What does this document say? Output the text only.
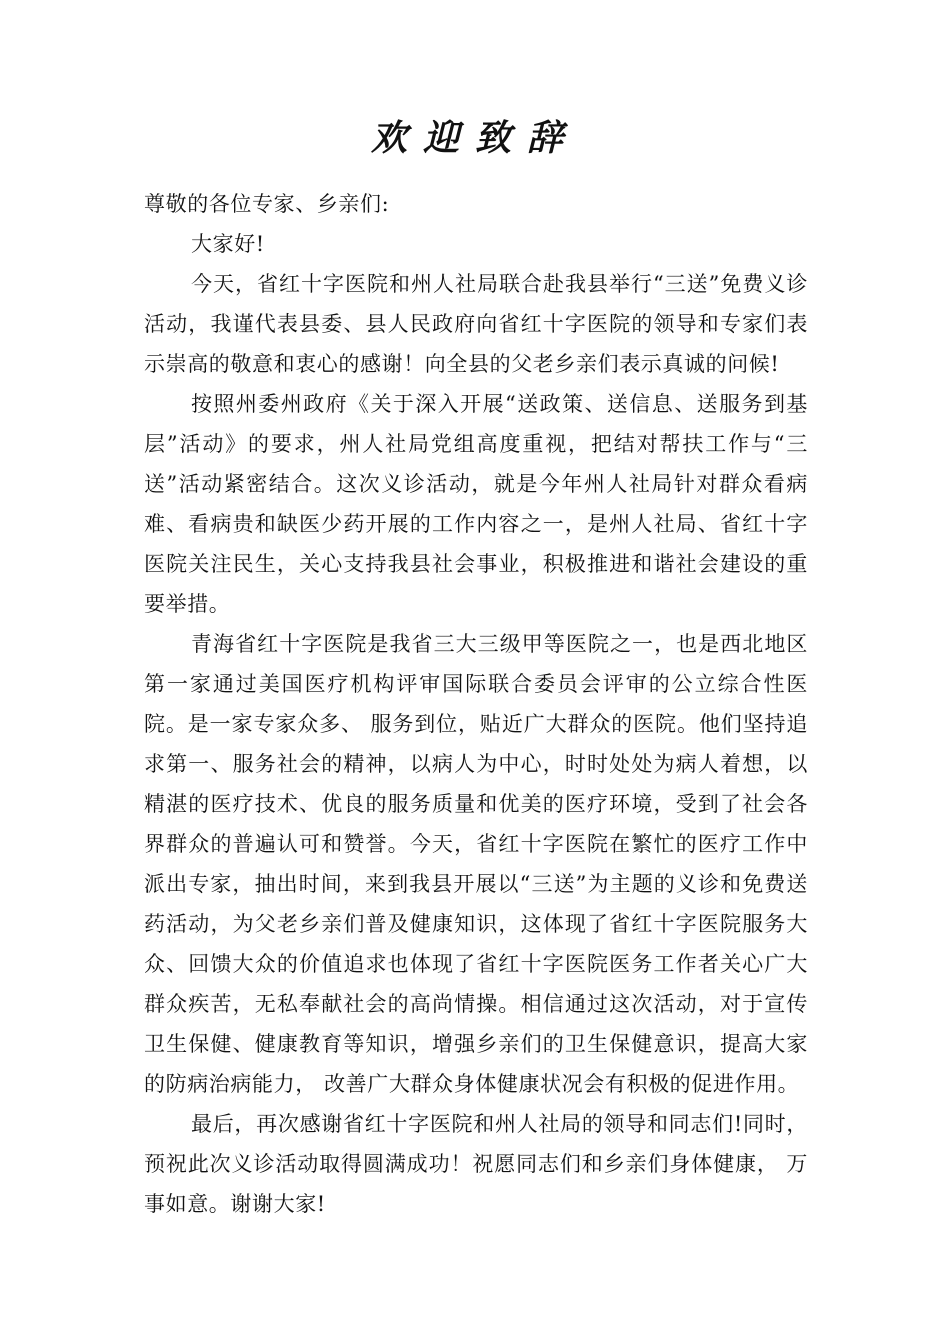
欢迎致辞

尊敬的各位专家、乡亲们:

大家好!

今天，省红十字医院和州人社局联合赴我县举行“三送”免费义诊活动，我谨代表县委、县人民政府向省红十字医院的领导和专家们表示崇高的敬意和衷心的感谢！向全县的父老乡亲们表示真诚的问候!

按照州委州政府《关于深入开展“送政策、送信息、送服务到基层”活动》的要求，州人社局党组高度重视，把结对帮扶工作与“三送”活动紧密结合。这次义诊活动，就是今年州人社局针对群众看病难、看病贵和缺医少药开展的工作内容之一，是州人社局、省红十字医院关注民生，关心支持我县社会事业，积极推进和谐社会建设的重要举措。

青海省红十字医院是我省三大三级甲等医院之一，也是西北地区第一家通过美国医疗机构评审国际联合委员会评审的公立综合性医院。是一家专家众多、 服务到位，贴近广大群众的医院。他们坚持追求第一、服务社会的精神，以病人为中心，时时处处为病人着想，以精湛的医疗技术、优良的服务质量和优美的医疗环境，受到了社会各界群众的普遍认可和赞誉。今天，省红十字医院在繁忙的医疗工作中派出专家，抽出时间，来到我县开展以“三送”为主题的义诊和免费送药活动，为父老乡亲们普及健康知识，这体现了省红十字医院服务大众、回馈大众的价值追求也体现了省红十字医院医务工作者关心广大群众疾苦，无私奉献社会的高尚情操。相信通过这次活动，对于宣传卫生保健、健康教育等知识，增强乡亲们的卫生保健意识，提高大家的防病治病能力， 改善广大群众身体健康状况会有积极的促进作用。

最后，再次感谢省红十字医院和州人社局的领导和同志们!同时，预祝此次义诊活动取得圆满成功！祝愿同志们和乡亲们身体健康， 万事如意。谢谢大家!
